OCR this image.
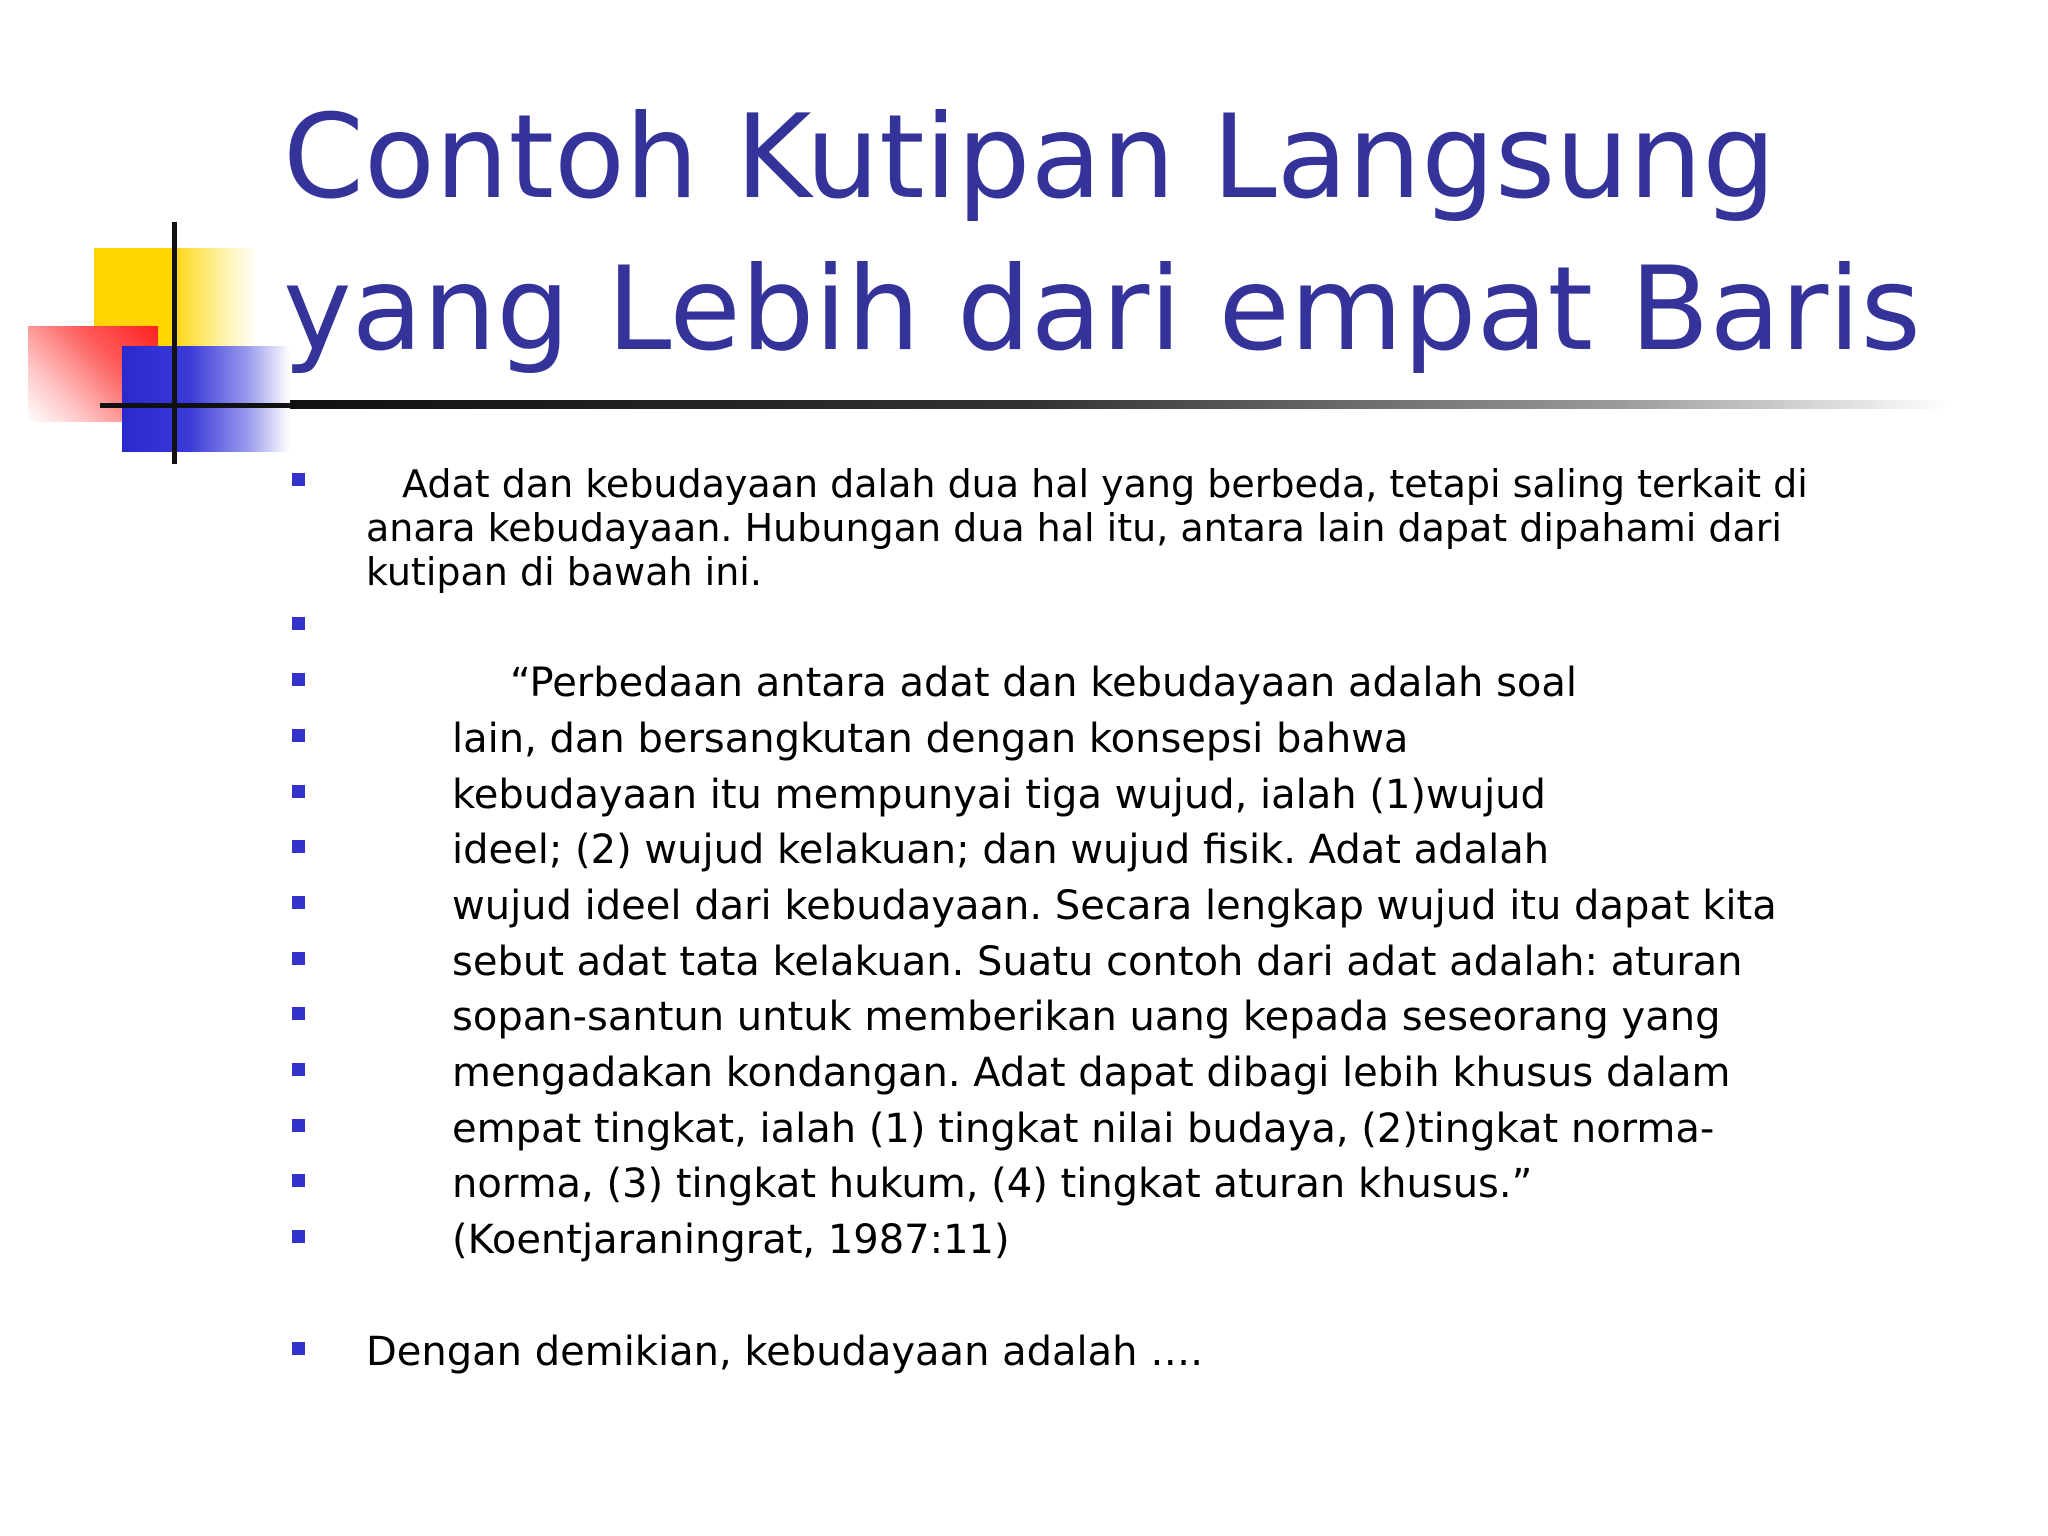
Contoh Kutipan Langsung
yang Lebih dari empat Baris
Adat dan kebudayaan dalah dua hal yang berbeda, tetapi saling terkait di
anara kebudayaan. Hubungan dua hal itu, antara lain dapat dipahami dari
kutipan di bawah ini.
“Perbedaan antara adat dan kebudayaan adalah soal
lain, dan bersangkutan dengan konsepsi bahwa
kebudayaan itu mempunyai tiga wujud, ialah (1)wujud
ideel; (2) wujud kelakuan; dan wujud fisik. Adat adalah
wujud ideel dari kebudayaan. Secara lengkap wujud itu dapat kita
sebut adat tata kelakuan. Suatu contoh dari adat adalah: aturan
sopan-santun untuk memberikan uang kepada seseorang yang
mengadakan kondangan. Adat dapat dibagi lebih khusus dalam
empat tingkat, ialah (1) tingkat nilai budaya, (2)tingkat norma-
norma, (3) tingkat hukum, (4) tingkat aturan khusus.”
(Koentjaraningrat, 1987:11)
Dengan demikian, kebudayaan adalah ….
